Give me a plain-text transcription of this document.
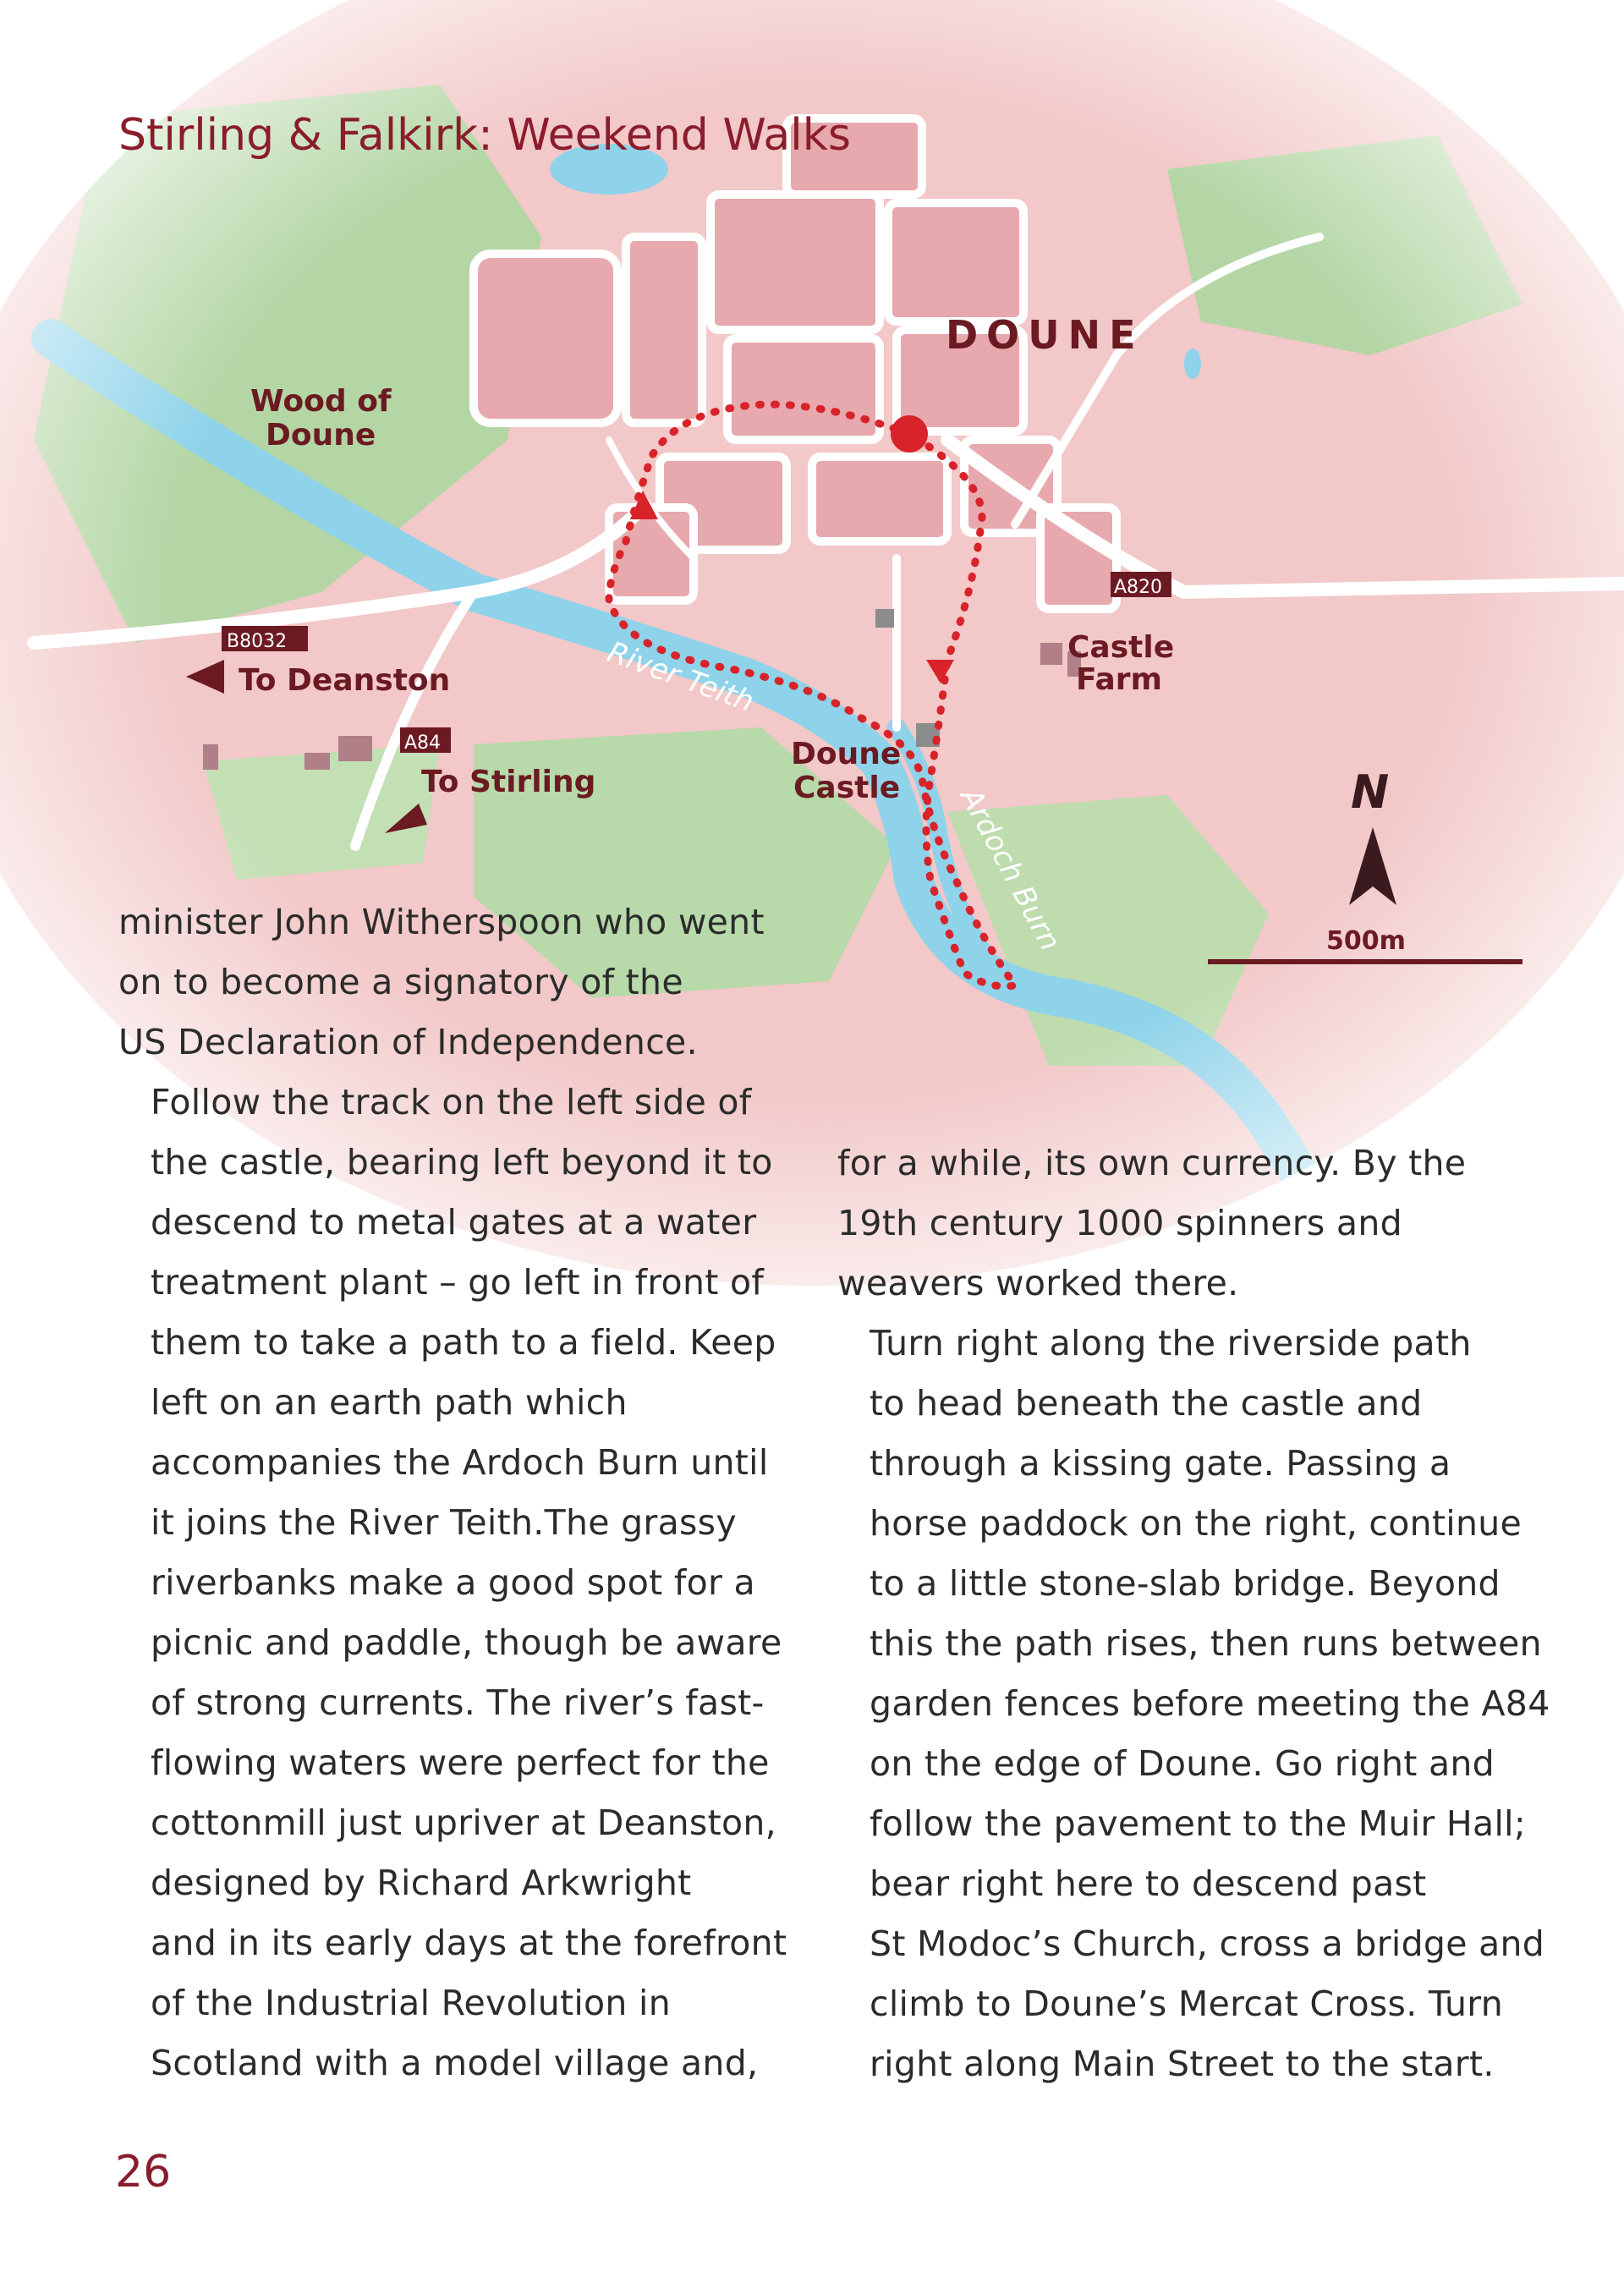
DOUNE
Wood of
Doune
Doune
Castle
Castle
Farm
To Deanston
To Stirling
500m
N
B8032
A84
A820
River Teith
Ardoch Burn
Stirling & Falkirk: Weekend Walks

minister John Witherspoon who went
on to become a signatory of the
US Declaration of Independence.

Follow the track on the left side of
the castle, bearing left beyond it to
descend to metal gates at a water
treatment plant – go left in front of
them to take a path to a field. Keep
left on an earth path which
accompanies the Ardoch Burn until
it joins the River Teith.The grassy
riverbanks make a good spot for a
picnic and paddle, though be aware
of strong currents. The river’s fast-
flowing waters were perfect for the
cottonmill just upriver at Deanston,
designed by Richard Arkwright
and in its early days at the forefront
of the Industrial Revolution in
Scotland with a model village and,

for a while, its own currency. By the
19th century 1000 spinners and
weavers worked there.

Turn right along the riverside path
to head beneath the castle and
through a kissing gate. Passing a
horse paddock on the right, continue
to a little stone-slab bridge. Beyond
this the path rises, then runs between
garden fences before meeting the A84
on the edge of Doune. Go right and
follow the pavement to the Muir Hall;
bear right here to descend past
St Modoc’s Church, cross a bridge and
climb to Doune’s Mercat Cross. Turn
right along Main Street to the start.

26
